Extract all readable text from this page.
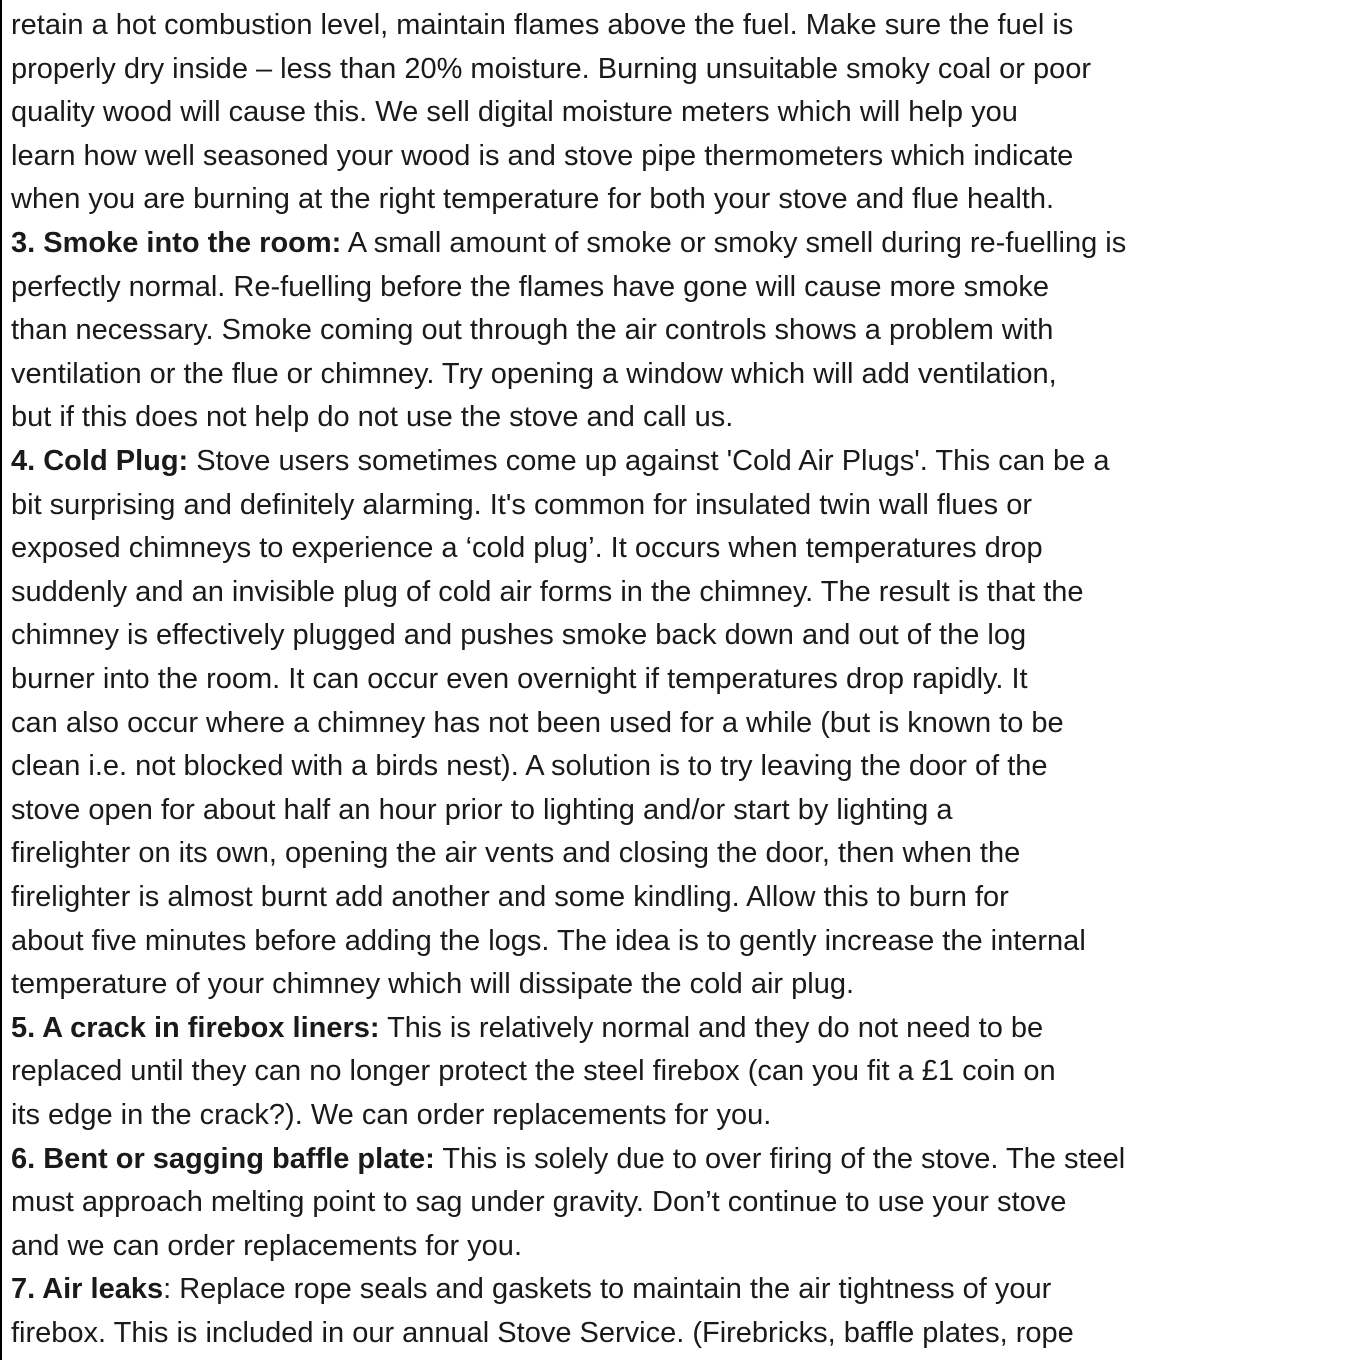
retain a hot combustion level, maintain flames above the fuel. Make sure the fuel is
properly dry inside – less than 20% moisture. Burning unsuitable smoky coal or poor
quality wood will cause this. We sell digital moisture meters which will help you
learn how well seasoned your wood is and stove pipe thermometers which indicate
when you are burning at the right temperature for both your stove and flue health.
3. Smoke into the room: A small amount of smoke or smoky smell during re-fuelling is
perfectly normal. Re-fuelling before the flames have gone will cause more smoke
than necessary. Smoke coming out through the air controls shows a problem with
ventilation or the flue or chimney. Try opening a window which will add ventilation,
but if this does not help do not use the stove and call us.
4. Cold Plug: Stove users sometimes come up against 'Cold Air Plugs'. This can be a
bit surprising and definitely alarming. It's common for insulated twin wall flues or
exposed chimneys to experience a ‘cold plug’. It occurs when temperatures drop
suddenly and an invisible plug of cold air forms in the chimney. The result is that the
chimney is effectively plugged and pushes smoke back down and out of the log
burner into the room. It can occur even overnight if temperatures drop rapidly. It
can also occur where a chimney has not been used for a while (but is known to be
clean i.e. not blocked with a birds nest). A solution is to try leaving the door of the
stove open for about half an hour prior to lighting and/or start by lighting a
firelighter on its own, opening the air vents and closing the door, then when the
firelighter is almost burnt add another and some kindling. Allow this to burn for
about five minutes before adding the logs. The idea is to gently increase the internal
temperature of your chimney which will dissipate the cold air plug.
5. A crack in firebox liners: This is relatively normal and they do not need to be
replaced until they can no longer protect the steel firebox (can you fit a £1 coin on
its edge in the crack?). We can order replacements for you.
6. Bent or sagging baffle plate: This is solely due to over firing of the stove. The steel
must approach melting point to sag under gravity. Don’t continue to use your stove
and we can order replacements for you.
7. Air leaks: Replace rope seals and gaskets to maintain the air tightness of your
firebox. This is included in our annual Stove Service. (Firebricks, baffle plates, rope
